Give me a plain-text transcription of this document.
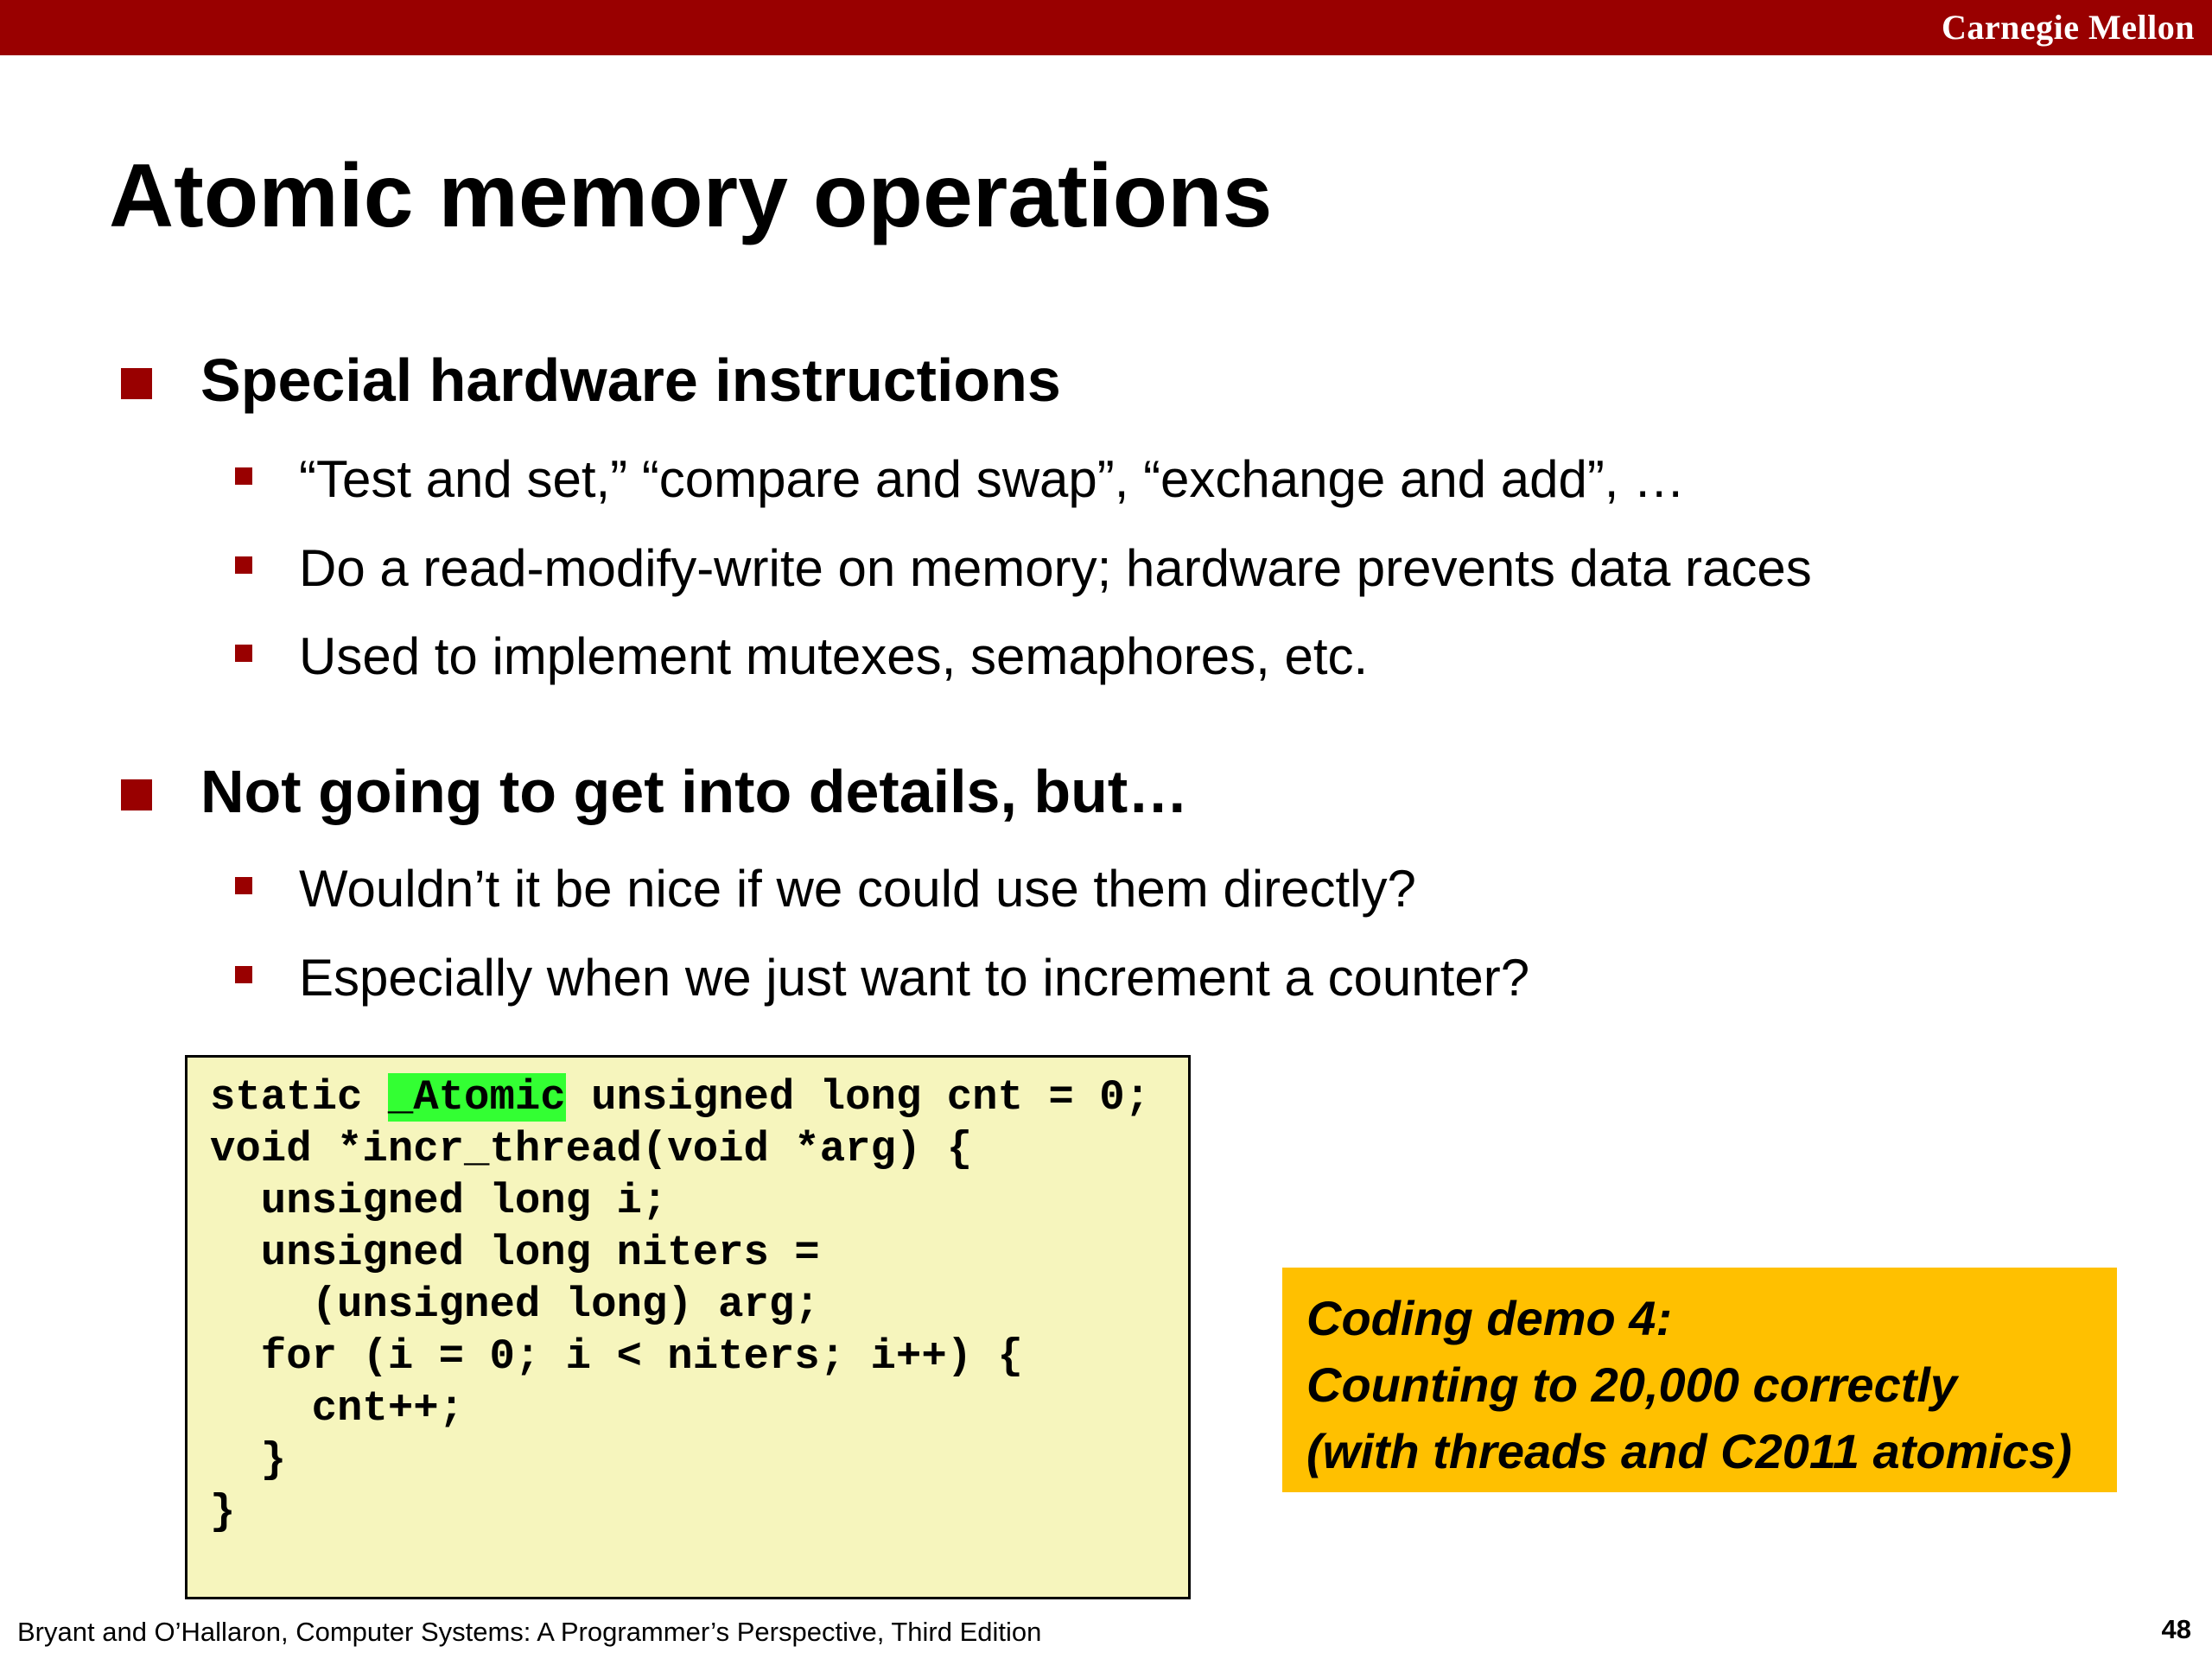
Carnegie Mellon
Atomic memory operations
Special hardware instructions
“Test and set,” “compare and swap”, “exchange and add”, …
Do a read-modify-write on memory; hardware prevents data races
Used to implement mutexes, semaphores, etc.
Not going to get into details, but…
Wouldn’t it be nice if we could use them directly?
Especially when we just want to increment a counter?
static _Atomic unsigned long cnt = 0;
void *incr_thread(void *arg) {
unsigned long i;
unsigned long niters =
(unsigned long) arg;
for (i = 0; i < niters; i++) {
cnt++;
}
}
Coding demo 4:
Counting to 20,000 correctly
(with threads and C2011 atomics)
Bryant and O’Hallaron, Computer Systems: A Programmer’s Perspective, Third Edition	48
